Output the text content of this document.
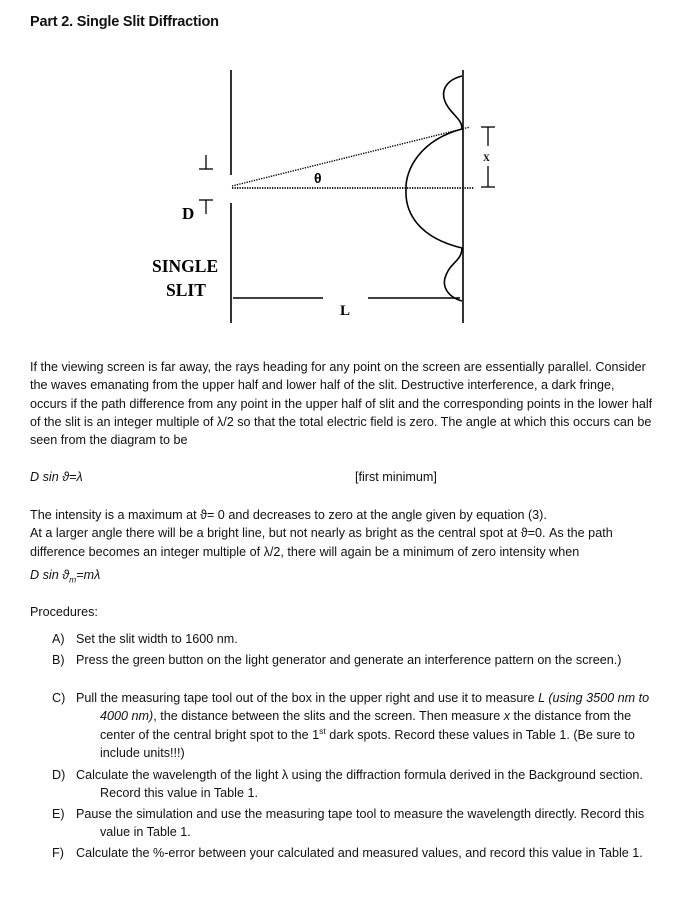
Part 2. Single Slit Diffraction
D
θ
SINGLE
SLIT
L
X
If the viewing screen is far away, the rays heading for any point on the screen are essentially parallel. Consider the waves emanating from the upper half and lower half of the slit. Destructive interference, a dark fringe, occurs if the path difference from any point in the upper half of slit and the corresponding points in the lower half of the slit is an integer multiple of λ/2 so that the total electric field is zero. The angle at which this occurs can be seen from the diagram to be
D sin ϑ=λ	[first minimum]
The intensity is a maximum at ϑ= 0 and decreases to zero at the angle given by equation (3).
At a larger angle there will be a bright line, but not nearly as bright as the central spot at ϑ=0. As the path difference becomes an integer multiple of λ/2, there will again be a minimum of zero intensity when
D $\sin ϑ_m=m\lambda$
Procedures:
A) Set the slit width to 1600 nm.
B) Press the green button on the light generator and generate an interference pattern on the screen.)
C) Pull the measuring tape tool out of the box in the upper right and use it to measure L (using 3500 nm to 4000 nm), the distance between the slits and the screen. Then measure x the distance from the center of the central bright spot to the 1st dark spots. Record these values in Table 1. (Be sure to include units!!!)
D) Calculate the wavelength of the light λ using the diffraction formula derived in the Background section. Record this value in Table 1.
E) Pause the simulation and use the measuring tape tool to measure the wavelength directly. Record this value in Table 1.
F) Calculate the %-error between your calculated and measured values, and record this value in Table 1.
